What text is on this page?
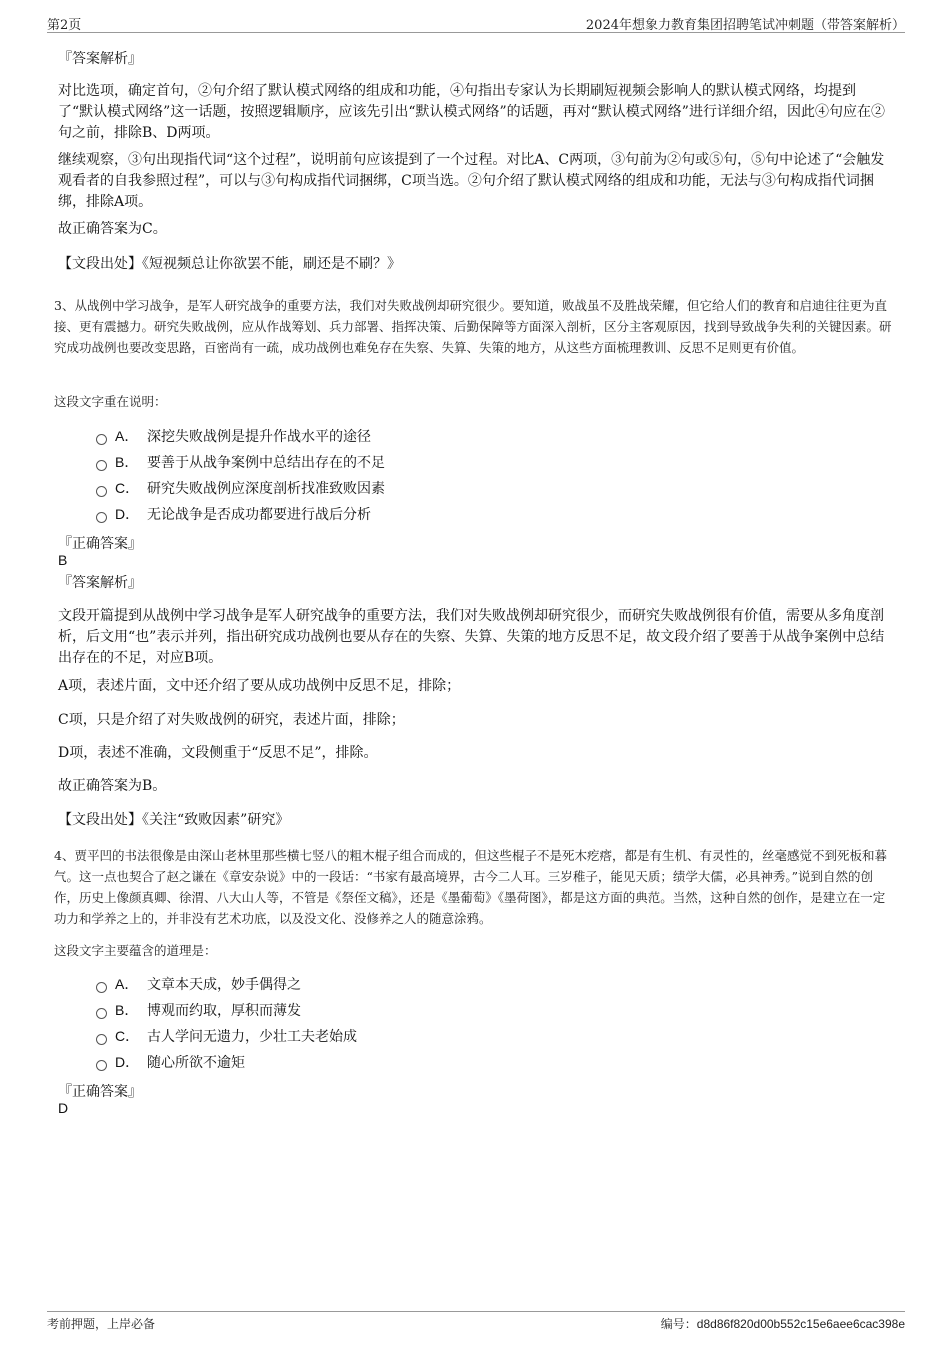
第2页	2024年想象力教育集团招聘笔试冲刺题（带答案解析）
『答案解析』

对比选项，确定首句，②句介绍了默认模式网络的组成和功能，④句指出专家认为长期刷短视频会影响人的默认模式网络，均提到了“默认模式网络”这一话题，按照逻辑顺序，应该先引出“默认模式网络”的话题，再对“默认模式网络”进行详细介绍，因此④句应在②句之前，排除B、D两项。

继续观察，③句出现指代词“这个过程”，说明前句应该提到了一个过程。对比A、C两项，③句前为②句或⑤句，⑤句中论述了“会触发观看者的自我参照过程”，可以与③句构成指代词捆绑，C项当选。②句介绍了默认模式网络的组成和功能，无法与③句构成指代词捆绑，排除A项。

故正确答案为C。

【文段出处】《短视频总让你欲罢不能，刷还是不刷？》

3、从战例中学习战争，是军人研究战争的重要方法，我们对失败战例却研究很少。要知道，败战虽不及胜战荣耀，但它给人们的教育和启迪往往更为直接、更有震撼力。研究失败战例，应从作战筹划、兵力部署、指挥决策、后勤保障等方面深入剖析，区分主客观原因，找到导致战争失利的关键因素。研究成功战例也要改变思路，百密尚有一疏，成功战例也难免存在失察、失算、失策的地方，从这些方面梳理教训、反思不足则更有价值。

这段文字重在说明：
A． 深挖失败战例是提升作战水平的途径
B． 要善于从战争案例中总结出存在的不足
C． 研究失败战例应深度剖析找准致败因素
D． 无论战争是否成功都要进行战后分析
『正确答案』
B
『答案解析』

文段开篇提到从战例中学习战争是军人研究战争的重要方法，我们对失败战例却研究很少，而研究失败战例很有价值，需要从多角度剖析，后文用“也”表示并列，指出研究成功战例也要从存在的失察、失算、失策的地方反思不足，故文段介绍了要善于从战争案例中总结出存在的不足，对应B项。

A项，表述片面，文中还介绍了要从成功战例中反思不足，排除；

C项，只是介绍了对失败战例的研究，表述片面，排除；

D项，表述不准确，文段侧重于“反思不足”，排除。

故正确答案为B。

【文段出处】《关注“致败因素”研究》

4、贾平凹的书法很像是由深山老林里那些横七竖八的粗木棍子组合而成的，但这些棍子不是死木疙瘩，都是有生机、有灵性的，丝毫感觉不到死板和暮气。这一点也契合了赵之谦在《章安杂说》中的一段话：“书家有最高境界，古今二人耳。三岁稚子，能见天质；绩学大儒，必具神秀。”说到自然的创作，历史上像颜真卿、徐渭、八大山人等，不管是《祭侄文稿》，还是《墨葡萄》《墨荷图》，都是这方面的典范。当然，这种自然的创作，是建立在一定功力和学养之上的，并非没有艺术功底，以及没文化、没修养之人的随意涂鸦。

这段文字主要蕴含的道理是：
A． 文章本天成，妙手偶得之
B． 博观而约取，厚积而薄发
C． 古人学问无遗力，少壮工夫老始成
D． 随心所欲不逾矩
『正确答案』
D
考前押题，上岸必备	编号：d8d86f820d00b552c15e6aee6cac398e
